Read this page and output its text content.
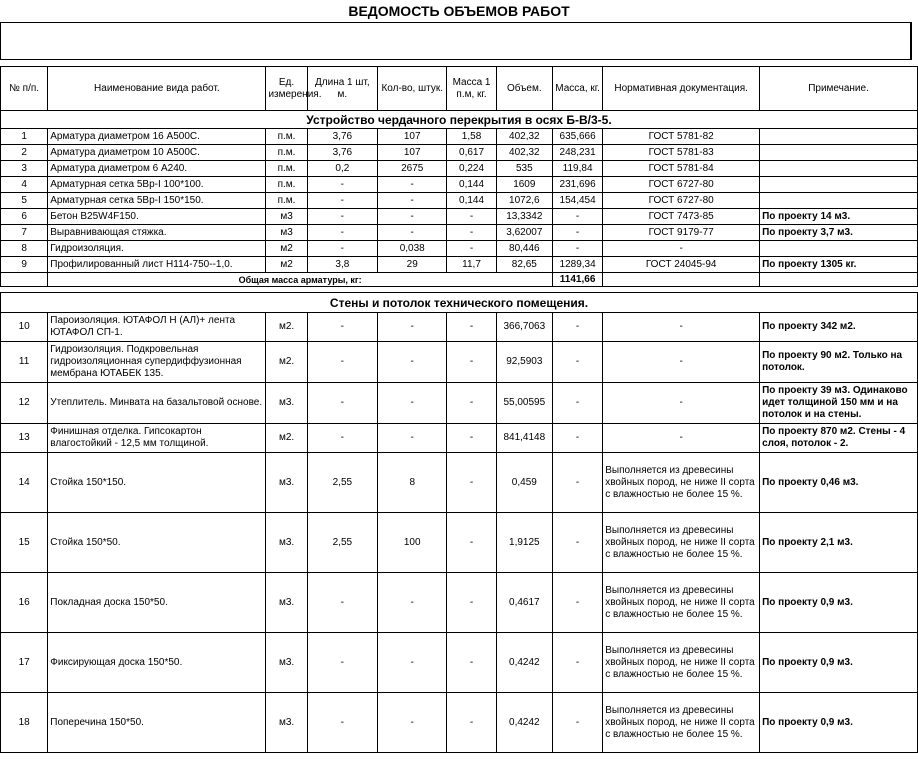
ВЕДОМОСТЬ ОБЪЕМОВ РАБОТ
№ п/п.	Наименование вида работ.	Ед. измерения.	Длина 1 шт, м.	Кол-во, штук.	Масса 1 п.м, кг.	Объем.	Масса, кг.	Нормативная документация.	Примечание.
Устройство чердачного перекрытия в осях Б-В/3-5.									
1	Арматура диаметром 16 А500С.	п.м.	3,76	107	1,58	402,32	635,666	ГОСТ 5781-82	
2	Арматура диаметром 10 А500С.	п.м.	3,76	107	0,617	402,32	248,231	ГОСТ 5781-83	
3	Арматура диаметром 6 А240.	п.м.	0,2	2675	0,224	535	119,84	ГОСТ 5781-84	
4	Арматурная сетка 5Вр-I 100*100.	п.м.	-	-	0,144	1609	231,696	ГОСТ 6727-80	
5	Арматурная сетка 5Вр-I 150*150.	п.м.	-	-	0,144	1072,6	154,454	ГОСТ 6727-80	
6	Бетон B25W4F150.	м3	-	-	-	13,3342	-	ГОСТ 7473-85	По проекту 14 м3.
7	Выравнивающая стяжка.	м3	-	-	-	3,62007	-	ГОСТ 9179-77	По проекту 3,7 м3.
8	Гидроизоляция.	м2	-	0,038	-	80,446	-	-	
9	Профилированный лист Н114-750--1,0.	м2	3,8	29	11,7	82,65	1289,34	ГОСТ 24045-94	По проекту 1305 кг.
	Общая масса арматуры, кг:						1141,66		

Стены и потолок технического помещения.									
10	Пароизоляция. ЮТАФОЛ Н (АЛ)+ лента ЮТАФОЛ СП-1.	м2.	-	-	-	366,7063	-	-	По проекту 342 м2.
11	Гидроизоляция. Подкровельная гидроизоляционная супердиффузионная мембрана ЮТАБЕК 135.	м2.	-	-	-	92,5903	-	-	По проекту 90 м2. Только на потолок.
12	Утеплитель. Минвата на базальтовой основе.	м3.	-	-	-	55,00595	-	-	По проекту 39 м3. Одинаково идет толщиной 150 мм и на потолок и на стены.
13	Финишная отделка. Гипсокартон влагостойкий - 12,5 мм толщиной.	м2.	-	-	-	841,4148	-	-	По проекту 870 м2. Стены - 4 слоя, потолок - 2.
14	Стойка 150*150.	м3.	2,55	8	-	0,459	-	Выполняется из древесины хвойных пород, не ниже II сорта с влажностью не более 15 %.	По проекту 0,46 м3.
15	Стойка 150*50.	м3.	2,55	100	-	1,9125	-	Выполняется из древесины хвойных пород, не ниже II сорта с влажностью не более 15 %.	По проекту 2,1 м3.
16	Покладная доска 150*50.	м3.	-	-	-	0,4617	-	Выполняется из древесины хвойных пород, не ниже II сорта с влажностью не более 15 %.	По проекту 0,9 м3.
17	Фиксирующая доска 150*50.	м3.	-	-	-	0,4242	-	Выполняется из древесины хвойных пород, не ниже II сорта с влажностью не более 15 %.	По проекту 0,9 м3.
18	Поперечина 150*50.	м3.	-	-	-	0,4242	-	Выполняется из древесины хвойных пород, не ниже II сорта с влажностью не более 15 %.	По проекту 0,9 м3.
